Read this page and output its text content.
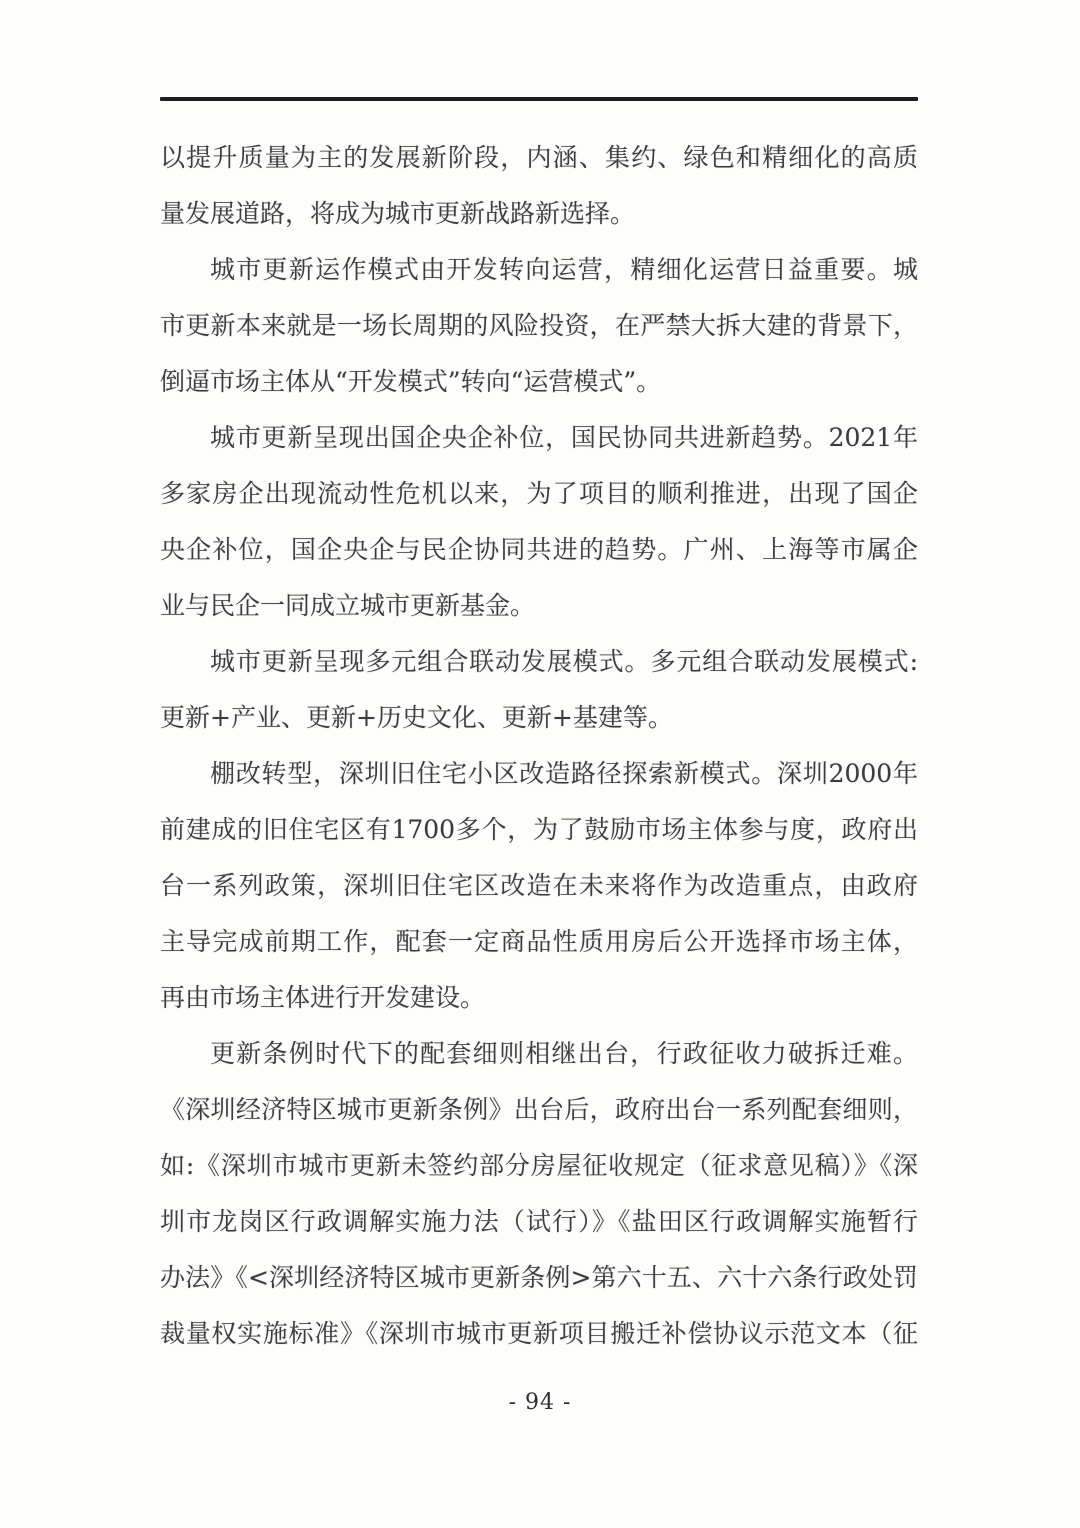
以提升质量为主的发展新阶段，内涵、集约、绿色和精细化的高质

量发展道路，将成为城市更新战路新选择。

城市更新运作模式由开发转向运营，精细化运营日益重要。城

市更新本来就是一场长周期的风险投资，在严禁大拆大建的背景下，

倒逼市场主体从“开发模式”转向“运营模式”。

城市更新呈现出国企央企补位，国民协同共进新趋势。2021年

多家房企出现流动性危机以来，为了项目的顺利推进，出现了国企

央企补位，国企央企与民企协同共进的趋势。广州、上海等市属企

业与民企一同成立城市更新基金。

城市更新呈现多元组合联动发展模式。多元组合联动发展模式:

更新+产业、更新+历史文化、更新+基建等。

棚改转型，深圳旧住宅小区改造路径探索新模式。深圳2000年

前建成的旧住宅区有1700多个，为了鼓励市场主体参与度，政府出

台一系列政策，深圳旧住宅区改造在未来将作为改造重点，由政府

主导完成前期工作，配套一定商品性质用房后公开选择市场主体，

再由市场主体进行开发建设。

更新条例时代下的配套细则相继出台，行政征收力破拆迁难。

《深圳经济特区城市更新条例》出台后，政府出台一系列配套细则，

如:《深圳市城市更新未签约部分房屋征收规定（征求意见稿）》《深

圳市龙岗区行政调解实施力法（试行）》《盐田区行政调解实施暂行

办法》《<深圳经济特区城市更新条例>第六十五、六十六条行政处罚

裁量权实施标准》《深圳市城市更新项目搬迁补偿协议示范文本（征

- 94 -
